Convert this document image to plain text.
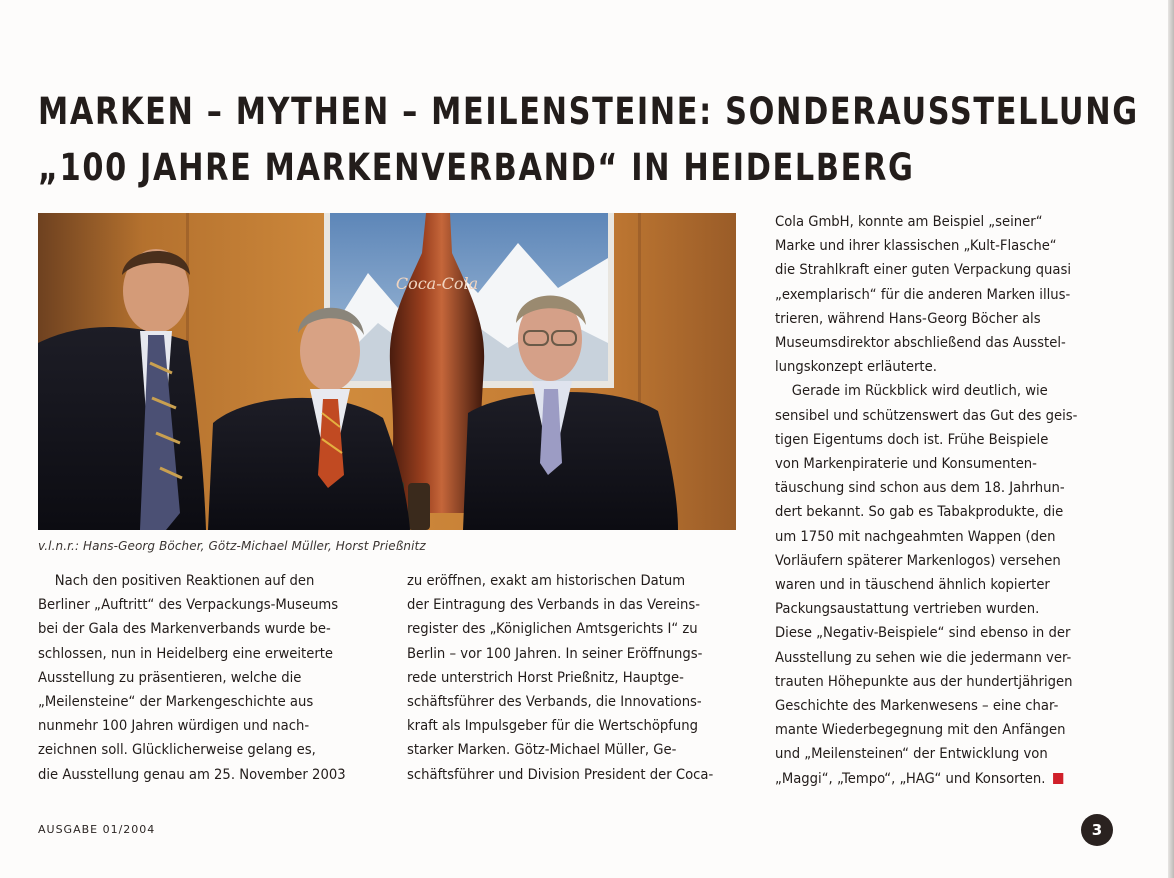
MARKEN – MYTHEN – MEILENSTEINE: SONDERAUSSTELLUNG
„100 JAHRE MARKENVERBAND“ IN HEIDELBERG
Coca-Cola
v.l.n.r.: Hans-Georg Böcher, Götz-Michael Müller, Horst Prießnitz
Nach den positiven Reaktionen auf den
Berliner „Auftritt“ des Verpackungs-Museums
bei der Gala des Markenverbands wurde be-
schlossen, nun in Heidelberg eine erweiterte
Ausstellung zu präsentieren, welche die
„Meilensteine“ der Markengeschichte aus
nunmehr 100 Jahren würdigen und nach-
zeichnen soll. Glücklicherweise gelang es,
die Ausstellung genau am 25. November 2003
zu eröffnen, exakt am historischen Datum
der Eintragung des Verbands in das Vereins-
register des „Königlichen Amtsgerichts I“ zu
Berlin – vor 100 Jahren. In seiner Eröffnungs-
rede unterstrich Horst Prießnitz, Hauptge-
schäftsführer des Verbands, die Innovations-
kraft als Impulsgeber für die Wertschöpfung
starker Marken. Götz-Michael Müller, Ge-
schäftsführer und Division President der Coca-
Cola GmbH, konnte am Beispiel „seiner“
Marke und ihrer klassischen „Kult-Flasche“
die Strahlkraft einer guten Verpackung quasi
„exemplarisch“ für die anderen Marken illus-
trieren, während Hans-Georg Böcher als
Museumsdirektor abschließend das Ausstel-
lungskonzept erläuterte.
Gerade im Rückblick wird deutlich, wie
sensibel und schützenswert das Gut des geis-
tigen Eigentums doch ist. Frühe Beispiele
von Markenpiraterie und Konsumenten-
täuschung sind schon aus dem 18. Jahrhun-
dert bekannt. So gab es Tabakprodukte, die
um 1750 mit nachgeahmten Wappen (den
Vorläufern späterer Markenlogos) versehen
waren und in täuschend ähnlich kopierter
Packungsaustattung vertrieben wurden.
Diese „Negativ-Beispiele“ sind ebenso in der
Ausstellung zu sehen wie die jedermann ver-
trauten Höhepunkte aus der hundertjährigen
Geschichte des Markenwesens – eine char-
mante Wiederbegegnung mit den Anfängen
und „Meilensteinen“ der Entwicklung von
„Maggi“, „Tempo“, „HAG“ und Konsorten.
AUSGABE 01/2004	3
